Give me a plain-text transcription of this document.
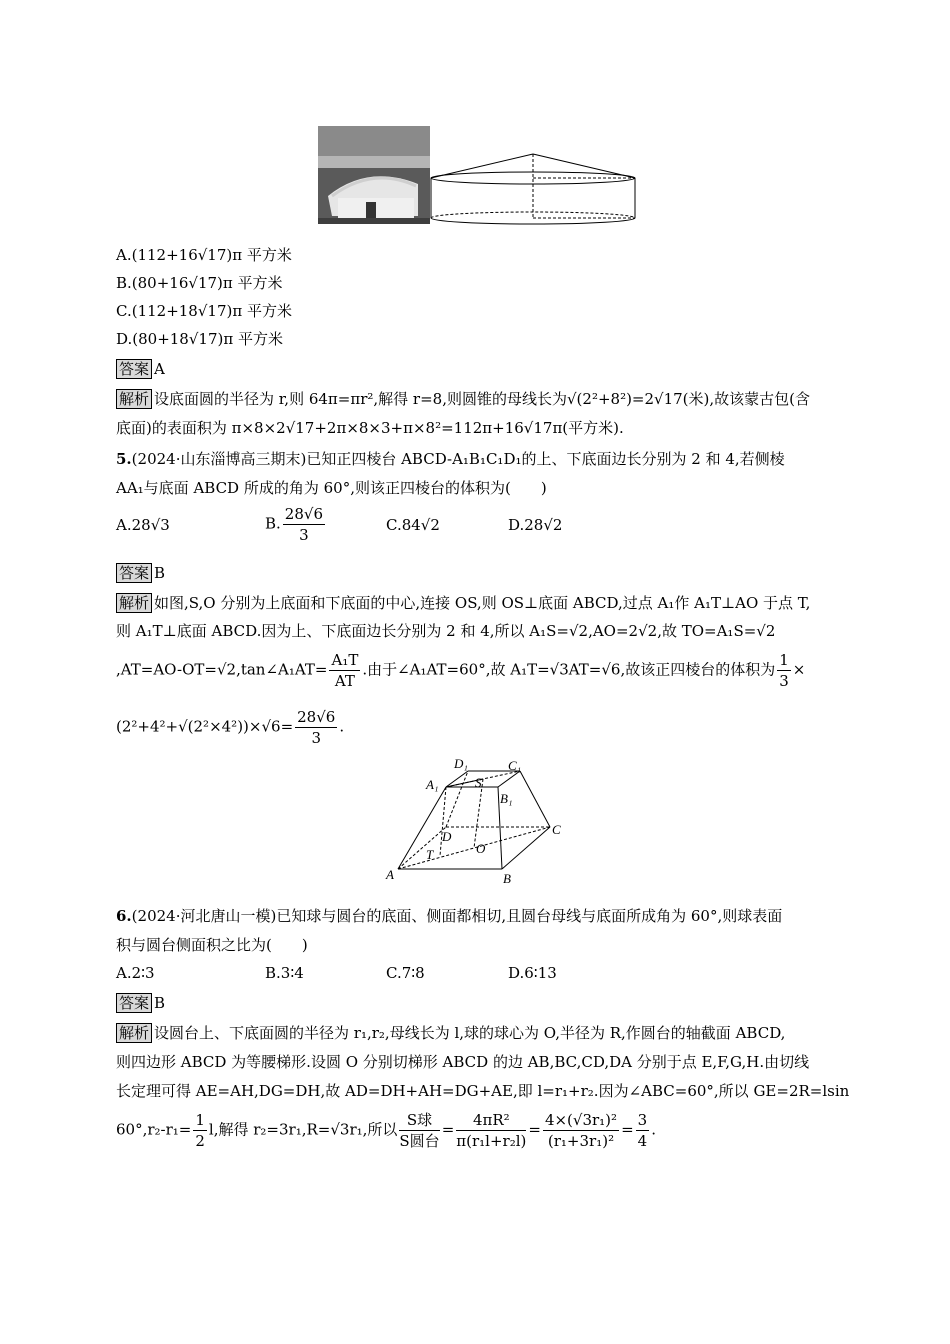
A.(112+16√17)π 平方米
B.(80+16√17)π 平方米
C.(112+18√17)π 平方米
D.(80+18√17)π 平方米
答案 A
解析 设底面圆的半径为 r,则 64π=πr²,解得 r=8,则圆锥的母线长为√(2²+8²)=2√17(米),故该蒙古包(含
底面)的表面积为 π×8×2√17+2π×8×3+π×8²=112π+16√17π(平方米).
5.(2024·山东淄博高三期末)已知正四棱台 ABCD-A₁B₁C₁D₁的上、下底面边长分别为 2 和 4,若侧棱
AA₁与底面 ABCD 所成的角为 60°,则该正四棱台的体积为(　　)
A.28√3	B. $\frac{28√6}{3}$	C.84√2	D.28√2
答案 B
解析 如图,S,O 分别为上底面和下底面的中心,连接 OS,则 OS⊥底面 ABCD,过点 A₁作 A₁T⊥AO 于点 T,
则 A₁T⊥底面 ABCD.因为上、下底面边长分别为 2 和 4,所以 A₁S=√2,AO=2√2,故 TO=A₁S=√2
,AT=AO-OT=√2,tan∠A₁AT= $\frac{\text{A₁T}}{AT}$ .由于∠A₁AT=60°,故 A₁T=√3AT=√6,故该正四棱台的体积为 $\frac{1}{3}$ ×
$(2^2+4^2+√(2^2\times 4^2))\times√6= \frac{28√6}{3}$ .
A	B
C
D
A₁
B₁
C₁
D₁
S
O
T
6.(2024·河北唐山一模)已知球与圆台的底面、侧面都相切,且圆台母线与底面所成角为 60°,则球表面
积与圆台侧面积之比为(　　)
A.2∶3	B.3∶4	C.7∶8	D.6∶13
答案 B
解析 设圆台上、下底面圆的半径为 r₁,r₂,母线长为 l,球的球心为 O,半径为 R,作圆台的轴截面 ABCD,
则四边形 ABCD 为等腰梯形.设圆 O 分别切梯形 ABCD 的边 AB,BC,CD,DA 分别于点 E,F,G,H.由切线
长定理可得 AE=AH,DG=DH,故 AD=DH+AH=DG+AE,即 l=r₁+r₂.因为∠ABC=60°,所以 GE=2R=lsin
$60^\circ,r_2-r_1= \frac{1}{2} l$,解得 r₂=3r₁,R=√3r₁,所以 $\frac{\text{S球}}{\text{S圆台}} = \frac{\text{4πR²}}{\text{π(r₁l+r₂l)}} = \frac{\text{4×(√3r₁)²}}{\text{(r₁+3r₁)²}} = \frac{3}{4}$ .
